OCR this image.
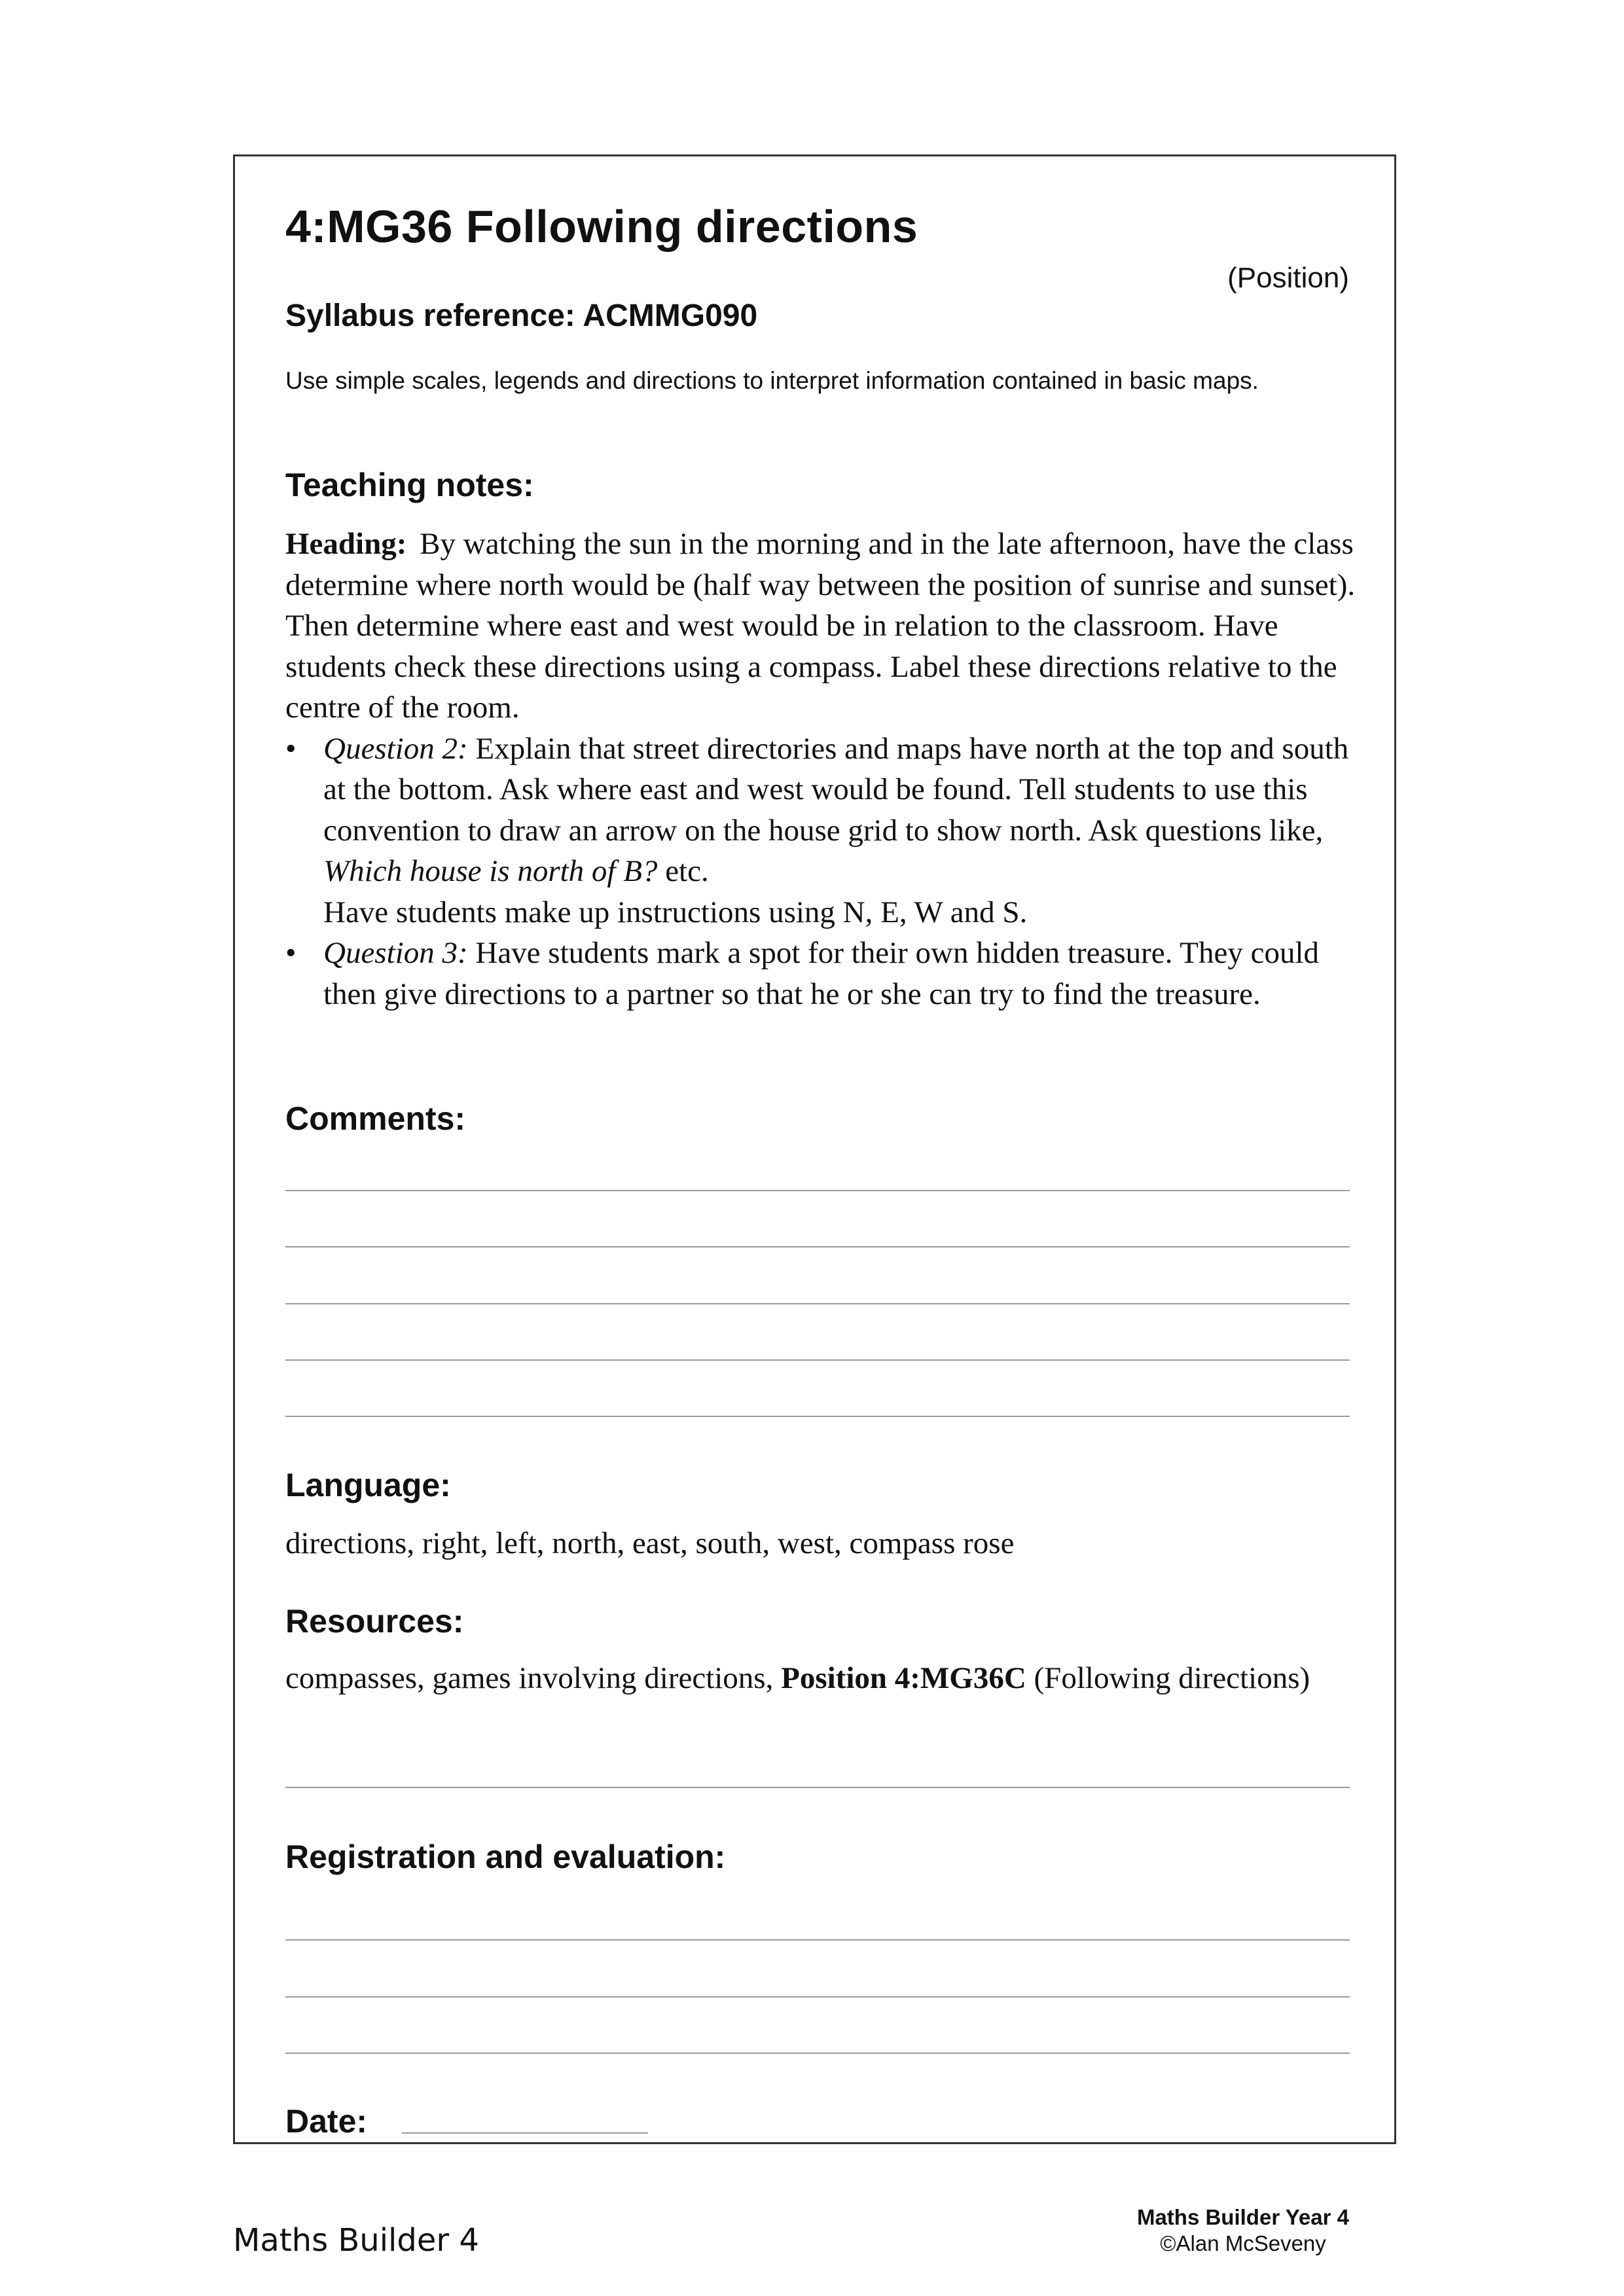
4:MG36 Following directions
(Position)
Syllabus reference: ACMMG090

Use simple scales, legends and directions to interpret information contained in basic maps.

Teaching notes:

Heading: By watching the sun in the morning and in the late afternoon, have the class determine where north would be (half way between the position of sunrise and sunset). Then determine where east and west would be in relation to the classroom. Have students check these directions using a compass. Label these directions relative to the centre of the room.

• Question 2: Explain that street directories and maps have north at the top and south at the bottom. Ask where east and west would be found. Tell students to use this convention to draw an arrow on the house grid to show north. Ask questions like, Which house is north of B? etc.
Have students make up instructions using N, E, W and S.
• Question 3: Have students mark a spot for their own hidden treasure. They could then give directions to a partner so that he or she can try to find the treasure.
Comments:
Language:

directions, right, left, north, east, south, west, compass rose

Resources:

compasses, games involving directions, Position 4:MG36C (Following directions)

Registration and evaluation:
Date:
Maths Builder 4
Maths Builder Year 4
©Alan McSeveny
